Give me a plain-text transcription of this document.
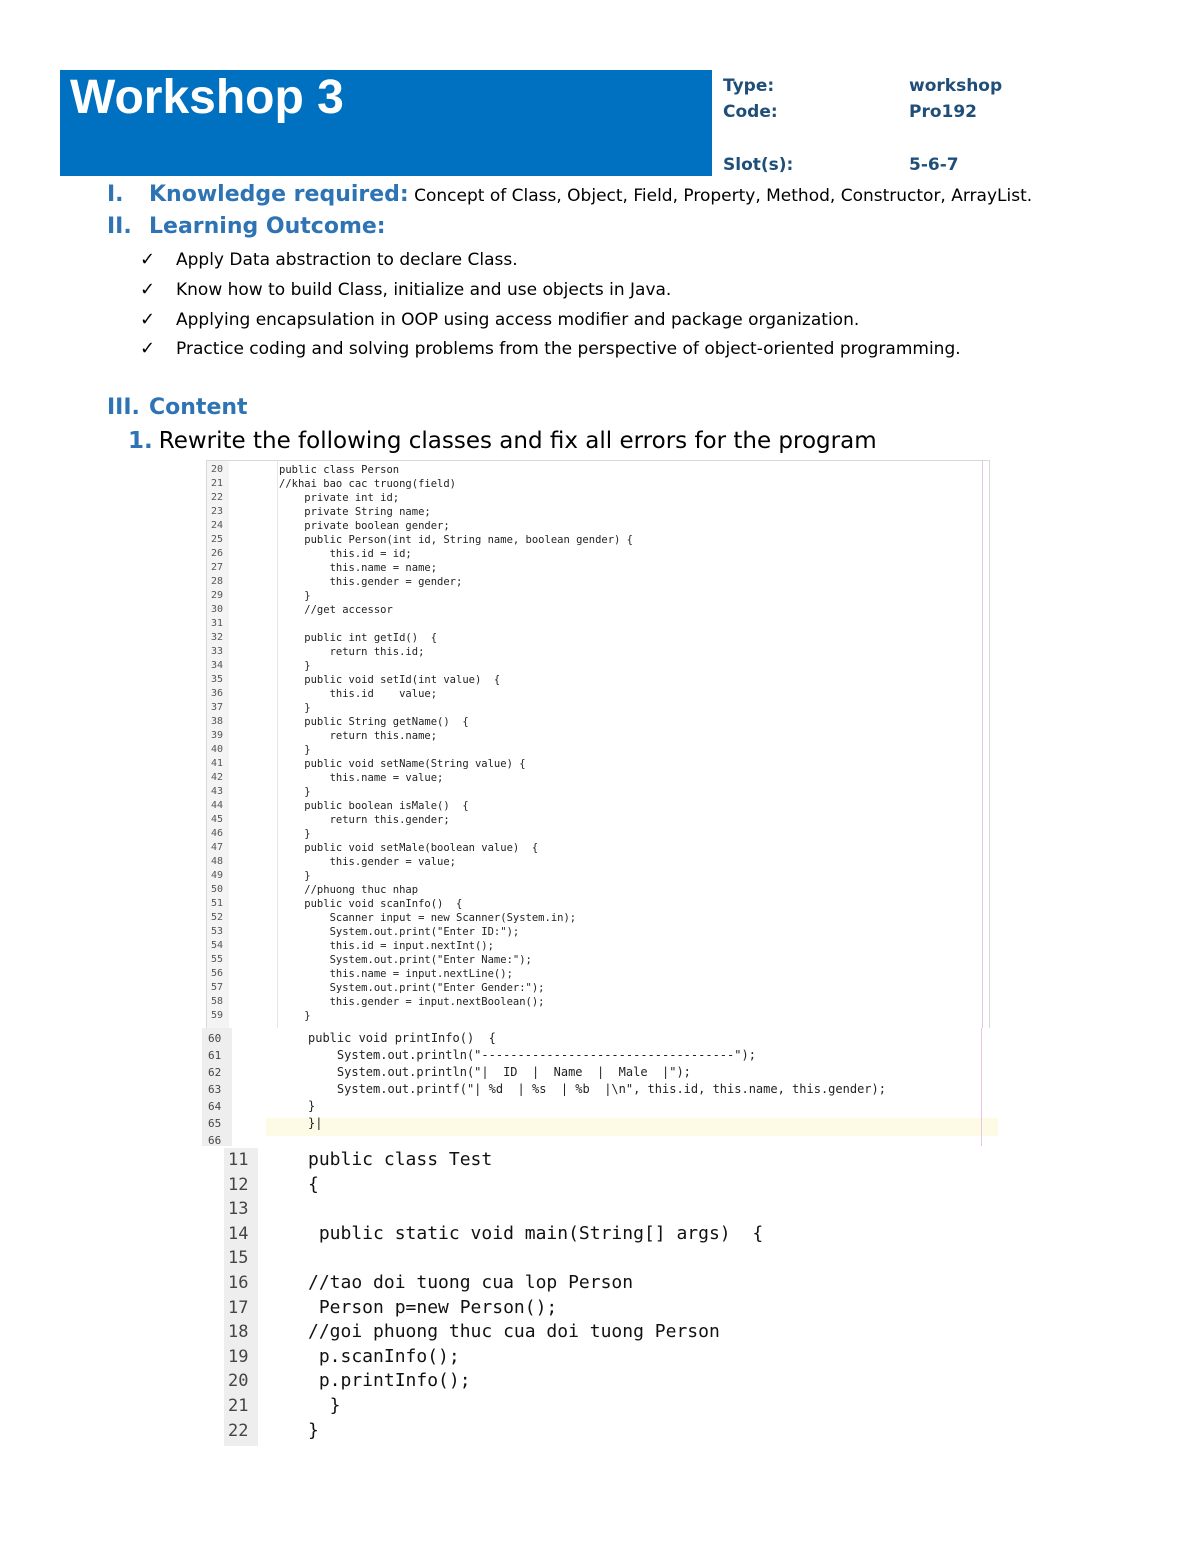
Workshop 3	Type:	workshop
Code:	Pro192
Slot(s):	5-6-7
I. Knowledge required: Concept of Class, Object, Field, Property, Method, Constructor, ArrayList.
II. Learning Outcome:
✓ Apply Data abstraction to declare Class.
✓ Know how to build Class, initialize and use objects in Java.
✓ Applying encapsulation in OOP using access modifier and package organization.
✓ Practice coding and solving problems from the perspective of object-oriented programming.
III. Content
1. Rewrite the following classes and fix all errors for the program
20	public class Person
21	//khai bao cac truong(field)
22	private int id;
23	private String name;
24	private boolean gender;
25	public Person(int id, String name, boolean gender) {
26	this.id = id;
27	this.name = name;
28	this.gender = gender;
29	}
30	//get accessor
31
32	public int getId()  {
33	return this.id;
34	}
35	public void setId(int value)  {
36	this.id    value;
37	}
38	public String getName()  {
39	return this.name;
40	}
41	public void setName(String value) {
42	this.name = value;
43	}
44	public boolean isMale()  {
45	return this.gender;
46	}
47	public void setMale(boolean value)  {
48	this.gender = value;
49	}
50	//phuong thuc nhap
51	public void scanInfo()  {
52	Scanner input = new Scanner(System.in);
53	System.out.print("Enter ID:");
54	this.id = input.nextInt();
55	System.out.print("Enter Name:");
56	this.name = input.nextLine();
57	System.out.print("Enter Gender:");
58	this.gender = input.nextBoolean();
59	}
60	public void printInfo()  {
61	System.out.println("-----------------------------------");
62	System.out.println("|  ID  |  Name  |  Male  |");
63	System.out.printf("| %d  | %s  | %b  |\n", this.id, this.name, this.gender);
64	}
65	}|
66
11	public class Test
12	{
13
14	public static void main(String[] args)  {
15
16	//tao doi tuong cua lop Person
17	Person p=new Person();
18	//goi phuong thuc cua doi tuong Person
19	p.scanInfo();
20	p.printInfo();
21	}
22	}
